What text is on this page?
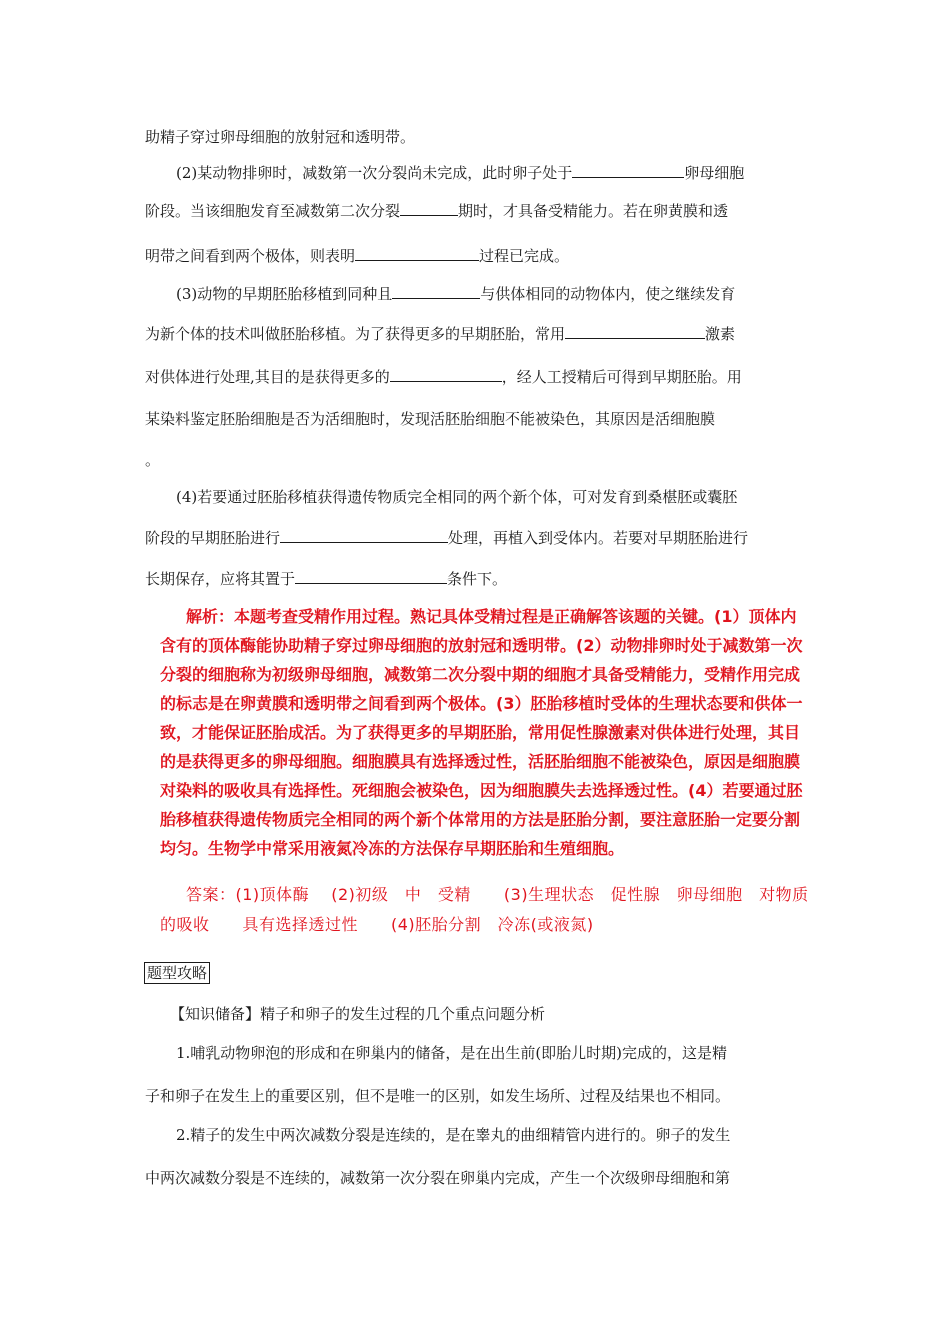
助精子穿过卵母细胞的放射冠和透明带。
(2)某动物排卵时，减数第一次分裂尚未完成，此时卵子处于	卵母细胞
阶段。当该细胞发育至减数第二次分裂	期时，才具备受精能力。若在卵黄膜和透
明带之间看到两个极体，则表明	过程已完成。
(3)动物的早期胚胎移植到同种且	与供体相同的动物体内，使之继续发育
为新个体的技术叫做胚胎移植。为了获得更多的早期胚胎，常用	激素
对供体进行处理,其目的是获得更多的	，经人工授精后可得到早期胚胎。用
某染料鉴定胚胎细胞是否为活细胞时，发现活胚胎细胞不能被染色，其原因是活细胞膜
。
(4)若要通过胚胎移植获得遗传物质完全相同的两个新个体，可对发育到桑椹胚或囊胚
阶段的早期胚胎进行	处理，再植入到受体内。若要对早期胚胎进行
长期保存，应将其置于	条件下。
解析：本题考查受精作用过程。熟记具体受精过程是正确解答该题的关键。(1）顶体内
含有的顶体酶能协助精子穿过卵母细胞的放射冠和透明带。(2）动物排卵时处于减数第一次
分裂的细胞称为初级卵母细胞，减数第二次分裂中期的细胞才具备受精能力，受精作用完成
的标志是在卵黄膜和透明带之间看到两个极体。(3）胚胎移植时受体的生理状态要和供体一
致，才能保证胚胎成活。为了获得更多的早期胚胎，常用促性腺激素对供体进行处理，其目
的是获得更多的卵母细胞。细胞膜具有选择透过性，活胚胎细胞不能被染色，原因是细胞膜
对染料的吸收具有选择性。死细胞会被染色，因为细胞膜失去选择透过性。(4）若要通过胚
胎移植获得遗传物质完全相同的两个新个体常用的方法是胚胎分割，要注意胚胎一定要分割
均匀。生物学中常采用液氮冷冻的方法保存早期胚胎和生殖细胞。
答案：(1)顶体酶　 (2)初级　中　受精　　(3)生理状态　促性腺　卵母细胞　对物质
的吸收　　具有选择透过性　　(4)胚胎分割　冷冻(或液氮)
题型攻略
【知识储备】精子和卵子的发生过程的几个重点问题分析
1.哺乳动物卵泡的形成和在卵巢内的储备，是在出生前(即胎儿时期)完成的，这是精
子和卵子在发生上的重要区别，但不是唯一的区别，如发生场所、过程及结果也不相同。
2.精子的发生中两次减数分裂是连续的，是在睾丸的曲细精管内进行的。卵子的发生
中两次减数分裂是不连续的，减数第一次分裂在卵巢内完成，产生一个次级卵母细胞和第
